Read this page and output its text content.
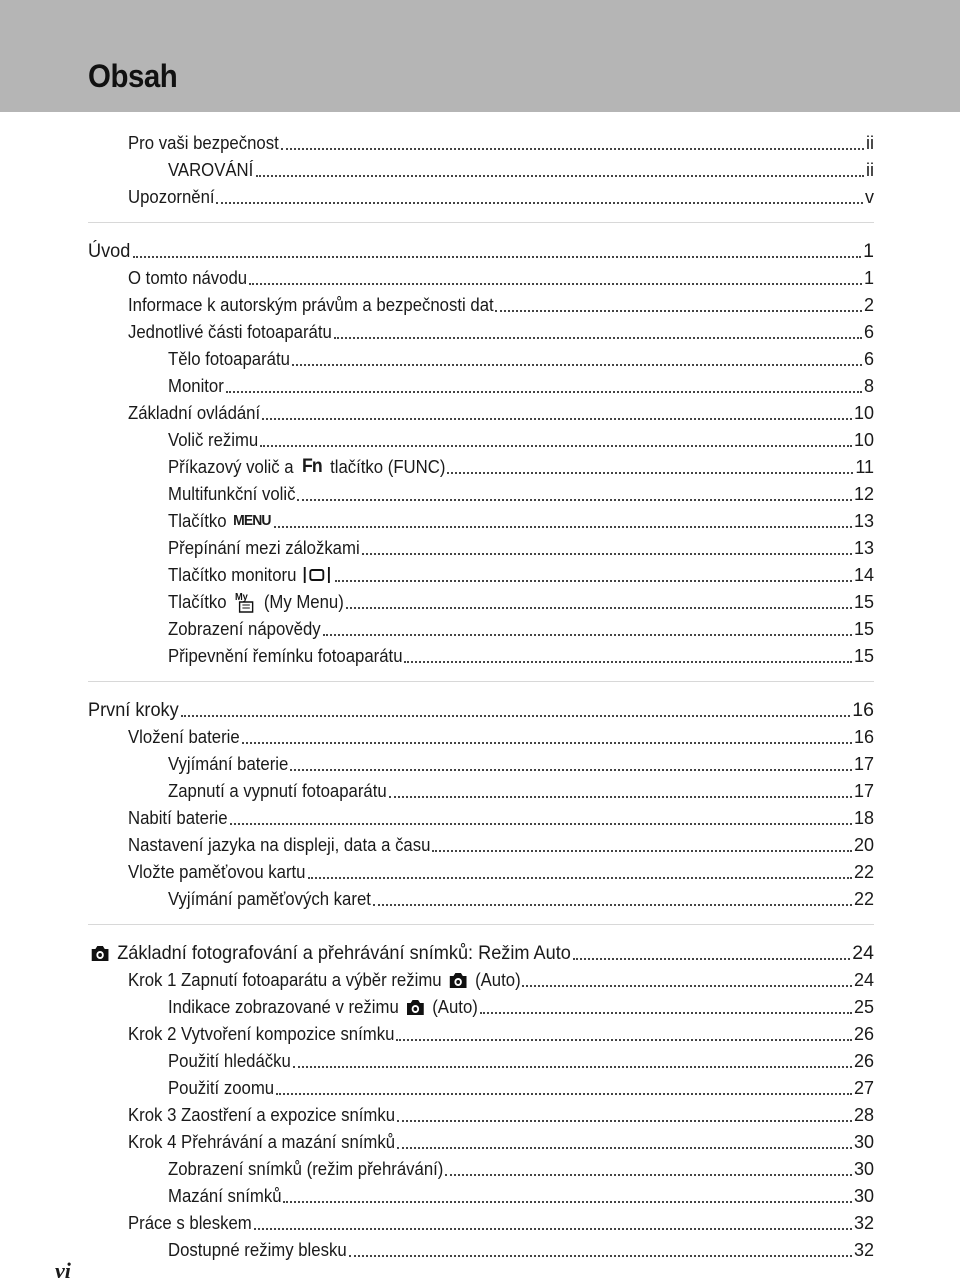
Obsah
Pro vaši bezpečnost	ii
VAROVÁNÍ	ii
Upozornění	v
Úvod	1
O tomto návodu	1
Informace k autorským právům a bezpečnosti dat	2
Jednotlivé části fotoaparátu	6
Tělo fotoaparátu	6
Monitor	8
Základní ovládání	10
Volič režimu	10
Příkazový volič a Fn tlačítko (FUNC)	11
Multifunkční volič	12
Tlačítko MENU	13
Přepínání mezi záložkami	13
Tlačítko monitoru	14
Tlačítko My (My Menu)	15
Zobrazení nápovědy	15
Připevnění řemínku fotoaparátu	15
První kroky	16
Vložení baterie	16
Vyjímání baterie	17
Zapnutí a vypnutí fotoaparátu	17
Nabití baterie	18
Nastavení jazyka na displeji, data a času	20
Vložte paměťovou kartu	22
Vyjímání paměťových karet	22
Základní fotografování a přehrávání snímků: Režim Auto	24
Krok 1 Zapnutí fotoaparátu a výběr režimu (Auto)	24
Indikace zobrazované v režimu (Auto)	25
Krok 2 Vytvoření kompozice snímku	26
Použití hledáčku	26
Použití zoomu	27
Krok 3 Zaostření a expozice snímku	28
Krok 4 Přehrávání a mazání snímků	30
Zobrazení snímků (režim přehrávání)	30
Mazání snímků	30
Práce s bleskem	32
Dostupné režimy blesku	32
vi
